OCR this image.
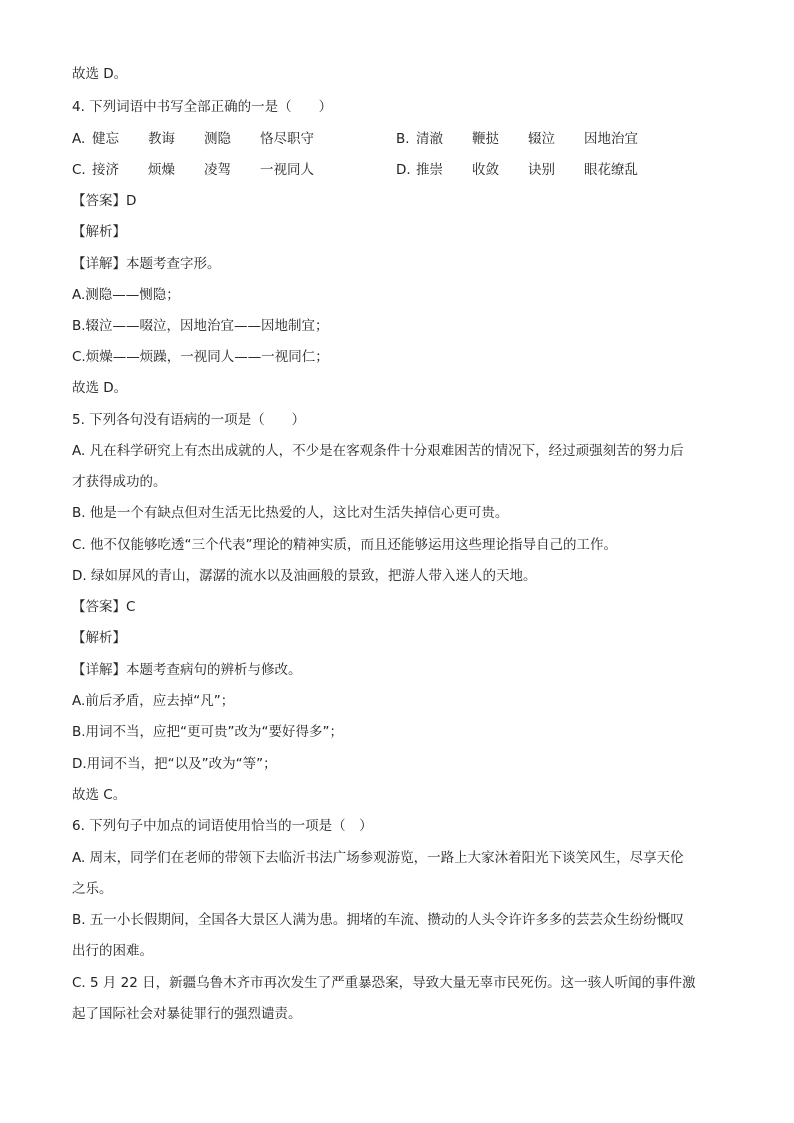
故选 D。
4. 下列词语中书写全部正确的一是（　　）
A. 健忘 教诲 测隐 恪尽职守	B. 清澈 鞭挞 辍泣 因地治宜
C. 接济 烦燥 凌驾 一视同人	D. 推崇 收敛 诀别 眼花缭乱
【答案】D
【解析】
【详解】本题考查字形。
A.测隐——恻隐；
B.辍泣——啜泣，因地治宜——因地制宜；
C.烦燥——烦躁，一视同人——一视同仁；
故选 D。
5. 下列各句没有语病的一项是（　　）
A. 凡在科学研究上有杰出成就的人，不少是在客观条件十分艰难困苦的情况下，经过顽强刻苦的努力后
才获得成功的。
B. 他是一个有缺点但对生活无比热爱的人，这比对生活失掉信心更可贵。
C. 他不仅能够吃透“三个代表”理论的精神实质，而且还能够运用这些理论指导自己的工作。
D. 绿如屏风的青山，潺潺的流水以及油画般的景致，把游人带入迷人的天地。
【答案】C
【解析】
【详解】本题考查病句的辨析与修改。
A.前后矛盾，应去掉“凡”；
B.用词不当，应把“更可贵”改为“要好得多”；
D.用词不当，把“以及”改为“等”；
故选 C。
6. 下列句子中加点的词语使用恰当的一项是（　）
A. 周末，同学们在老师的带领下去临沂书法广场参观游览，一路上大家沐着阳光下谈笑风生，尽享天伦
之乐。
B. 五一小长假期间，全国各大景区人满为患。拥堵的车流、攒动的人头令许许多多的芸芸众生纷纷慨叹
出行的困难。
C. 5 月 22 日，新疆乌鲁木齐市再次发生了严重暴恐案，导致大量无辜市民死伤。这一骇人听闻的事件激
起了国际社会对暴徒罪行的强烈谴责。
